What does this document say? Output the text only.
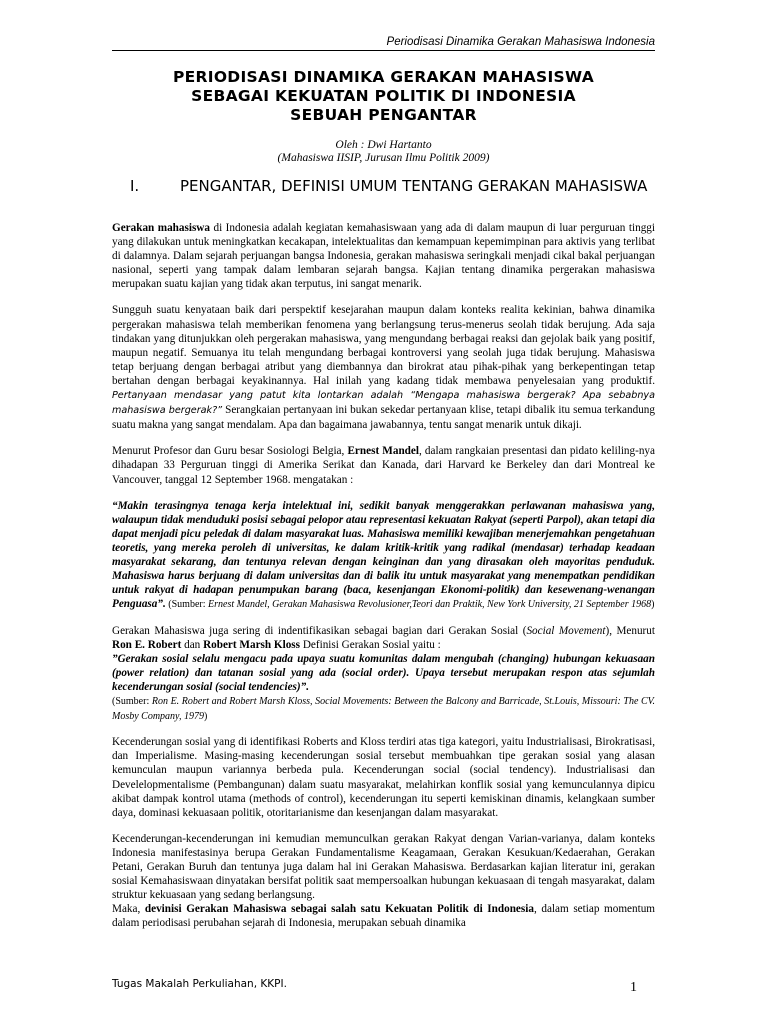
Periodisasi Dinamika Gerakan Mahasiswa Indonesia
PERIODISASI DINAMIKA GERAKAN MAHASISWA
SEBAGAI KEKUATAN POLITIK DI INDONESIA
SEBUAH PENGANTAR
Oleh : Dwi Hartanto
(Mahasiswa IISIP, Jurusan Ilmu Politik 2009)
I.	PENGANTAR, DEFINISI UMUM TENTANG GERAKAN MAHASISWA

Gerakan mahasiswa di Indonesia adalah kegiatan kemahasiswaan yang ada di dalam maupun di luar perguruan tinggi yang dilakukan untuk meningkatkan kecakapan, intelektualitas dan kemampuan kepemimpinan para aktivis yang terlibat di dalamnya. Dalam sejarah perjuangan bangsa Indonesia, gerakan mahasiswa seringkali menjadi cikal bakal perjuangan nasional, seperti yang tampak dalam lembaran sejarah bangsa. Kajian tentang dinamika pergerakan mahasiswa merupakan suatu kajian yang tidak akan terputus, ini sangat menarik.

Sungguh suatu kenyataan baik dari perspektif kesejarahan maupun dalam konteks realita kekinian, bahwa dinamika pergerakan mahasiswa telah memberikan fenomena yang berlangsung terus-menerus seolah tidak berujung. Ada saja tindakan yang ditunjukkan oleh pergerakan mahasiswa, yang mengundang berbagai reaksi dan gejolak baik yang positif, maupun negatif. Semuanya itu telah mengundang berbagai kontroversi yang seolah juga tidak berujung. Mahasiswa tetap berjuang dengan berbagai atribut yang diembannya dan birokrat atau pihak-pihak yang berkepentingan tetap bertahan dengan berbagai keyakinannya. Hal inilah yang kadang tidak membawa penyelesaian yang produktif. Pertanyaan mendasar yang patut kita lontarkan adalah “Mengapa mahasiswa bergerak? Apa sebabnya mahasiswa bergerak?” Serangkaian pertanyaan ini bukan sekedar pertanyaan klise, tetapi dibalik itu semua terkandung suatu makna yang sangat mendalam. Apa dan bagaimana jawabannya, tentu sangat menarik untuk dikaji.

Menurut Profesor dan Guru besar Sosiologi Belgia, Ernest Mandel, dalam rangkaian presentasi dan pidato keliling-nya dihadapan 33 Perguruan tinggi di Amerika Serikat dan Kanada, dari Harvard ke Berkeley dan dari Montreal ke Vancouver, tanggal 12 September 1968. mengatakan :

“Makin terasingnya tenaga kerja intelektual ini, sedikit banyak menggerakkan perlawanan mahasiswa yang, walaupun tidak menduduki posisi sebagai pelopor atau representasi kekuatan Rakyat (seperti Parpol), akan tetapi dia dapat menjadi picu peledak di dalam masyarakat luas. Mahasiswa memiliki kewajiban menerjemahkan pengetahuan teoretis, yang mereka peroleh di universitas, ke dalam kritik-kritik yang radikal (mendasar) terhadap keadaan masyarakat sekarang, dan tentunya relevan dengan keinginan dan yang dirasakan oleh mayoritas penduduk. Mahasiswa harus berjuang di dalam universitas dan di balik itu untuk masyarakat yang menempatkan pendidikan untuk rakyat di hadapan penumpukan barang (baca, kesenjangan Ekonomi-politik) dan kesewenang-wenangan Penguasa”. (Sumber: Ernest Mandel, Gerakan Mahasiswa Revolusioner,Teori dan Praktik, New York University, 21 September 1968)

Gerakan Mahasiswa juga sering di indentifikasikan sebagai bagian dari Gerakan Sosial (Social Movement), Menurut Ron E. Robert dan Robert Marsh Kloss Definisi Gerakan Sosial yaitu :

”Gerakan sosial selalu mengacu pada upaya suatu komunitas dalam mengubah (changing) hubungan kekuasaan (power relation) dan tatanan sosial yang ada (social order). Upaya tersebut merupakan respon atas sejumlah kecenderungan sosial (social tendencies)”.

(Sumber: Ron E. Robert and Robert Marsh Kloss, Social Movements: Between the Balcony and Barricade, St.Louis, Missouri: The CV. Mosby Company, 1979)

Kecenderungan sosial yang di identifikasi Roberts and Kloss terdiri atas tiga kategori, yaitu Industrialisasi, Birokratisasi, dan Imperialisme. Masing-masing kecenderungan sosial tersebut membuahkan tipe gerakan sosial yang alasan kemunculan maupun variannya berbeda pula. Kecenderungan social (social tendency). Industrialisasi dan Develelopmentalisme (Pembangunan) dalam suatu masyarakat, melahirkan konflik sosial yang kemunculannya dipicu akibat dampak kontrol utama (methods of control), kecenderungan itu seperti kemiskinan dinamis, kelangkaan sumber daya, dominasi kekuasaan politik, otoritarianisme dan kesenjangan dalam masyarakat.

Kecenderungan-kecenderungan ini kemudian memunculkan gerakan Rakyat dengan Varian-varianya, dalam konteks Indonesia manifestasinya berupa Gerakan Fundamentalisme Keagamaan, Gerakan Kesukuan/Kedaerahan, Gerakan Petani, Gerakan Buruh dan tentunya juga dalam hal ini Gerakan Mahasiswa. Berdasarkan kajian literatur ini, gerakan sosial Kemahasiswaan dinyatakan bersifat politik saat mempersoalkan hubungan kekuasaan di tengah masyarakat, dalam struktur kekuasaan yang sedang berlangsung.

Maka, devinisi Gerakan Mahasiswa sebagai salah satu Kekuatan Politik di Indonesia, dalam setiap momentum dalam periodisasi perubahan sejarah di Indonesia, merupakan sebuah dinamika

Tugas Makalah Perkuliahan, KKPI.	1
